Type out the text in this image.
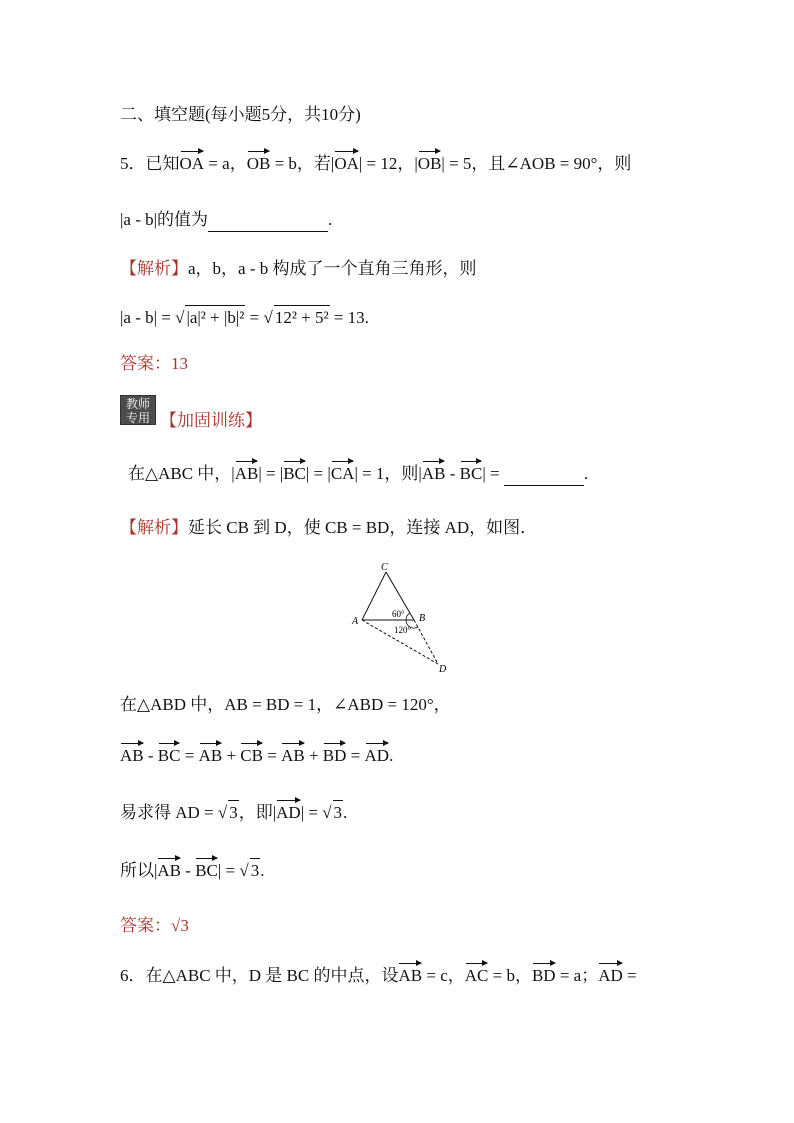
二、填空题(每小题5分，共10分)
5．已知OA = a，OB = b，若|OA| = 12，|OB| = 5，且∠AOB = 90°，则
|a - b|的值为	.
【解析】a，b，a - b 构成了一个直角三角形，则
|a - b| = √ |a|² + |b|² = √ 12² + 5² = 13.
答案：13
教师
专用 【加固训练】
在△ABC 中，|AB| = |BC| = |CA| = 1，则|AB - BC| =	.
【解析】延长 CB 到 D，使 CB = BD，连接 AD，如图．
C
A	B
D
60°
120°
在△ABD 中，AB = BD = 1，∠ABD = 120°，
AB - BC = AB + CB = AB + BD = AD.
易求得 AD = √ 3，即|AD| = √ 3.
所以|AB - BC| = √ 3.
答案：√3
6．在△ABC 中，D 是 BC 的中点，设AB = c，AC = b，BD = a；AD =
